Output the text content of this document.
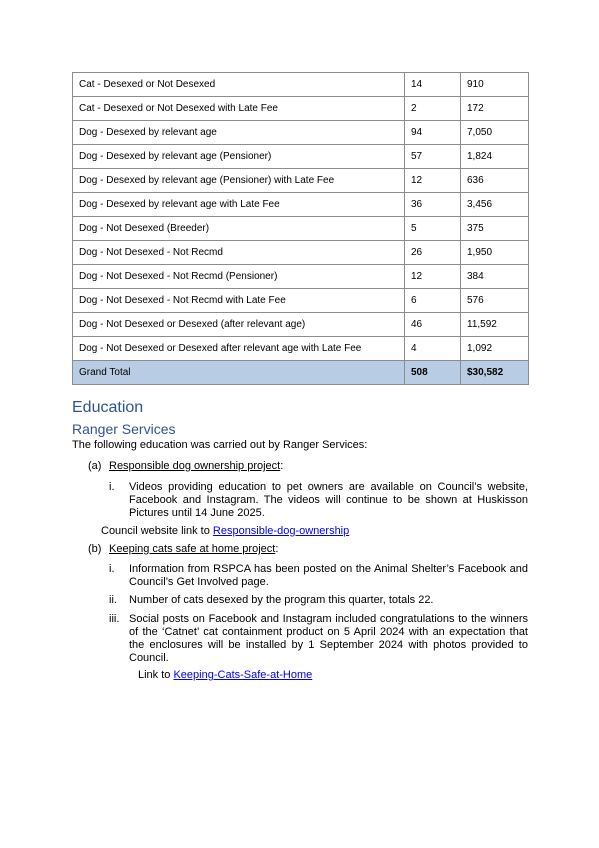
Cat - Desexed or Not Desexed	14	910
Cat - Desexed or Not Desexed with Late Fee	2	172
Dog - Desexed by relevant age	94	7,050
Dog - Desexed by relevant age (Pensioner)	57	1,824
Dog - Desexed by relevant age (Pensioner) with Late Fee	12	636
Dog - Desexed by relevant age with Late Fee	36	3,456
Dog - Not Desexed (Breeder)	5	375
Dog - Not Desexed - Not Recmd	26	1,950
Dog - Not Desexed - Not Recmd (Pensioner)	12	384
Dog - Not Desexed - Not Recmd with Late Fee	6	576
Dog - Not Desexed or Desexed (after relevant age)	46	11,592
Dog - Not Desexed or Desexed after relevant age with Late Fee	4	1,092
Grand Total	508	$30,582
Education
Ranger Services
The following education was carried out by Ranger Services:
(a) Responsible dog ownership project:
i.	Videos providing education to pet owners are available on Council’s website, Facebook and Instagram. The videos will continue to be shown at Huskisson Pictures until 14 June 2025.
Council website link to Responsible-dog-ownership
(b) Keeping cats safe at home project:
i.	Information from RSPCA has been posted on the Animal Shelter’s Facebook and Council’s Get Involved page.
ii.	Number of cats desexed by the program this quarter, totals 22.
iii. Social posts on Facebook and Instagram included congratulations to the winners of the ‘Catnet’ cat containment product on 5 April 2024 with an expectation that the enclosures will be installed by 1 September 2024 with photos provided to Council.
Link to Keeping-Cats-Safe-at-Home
